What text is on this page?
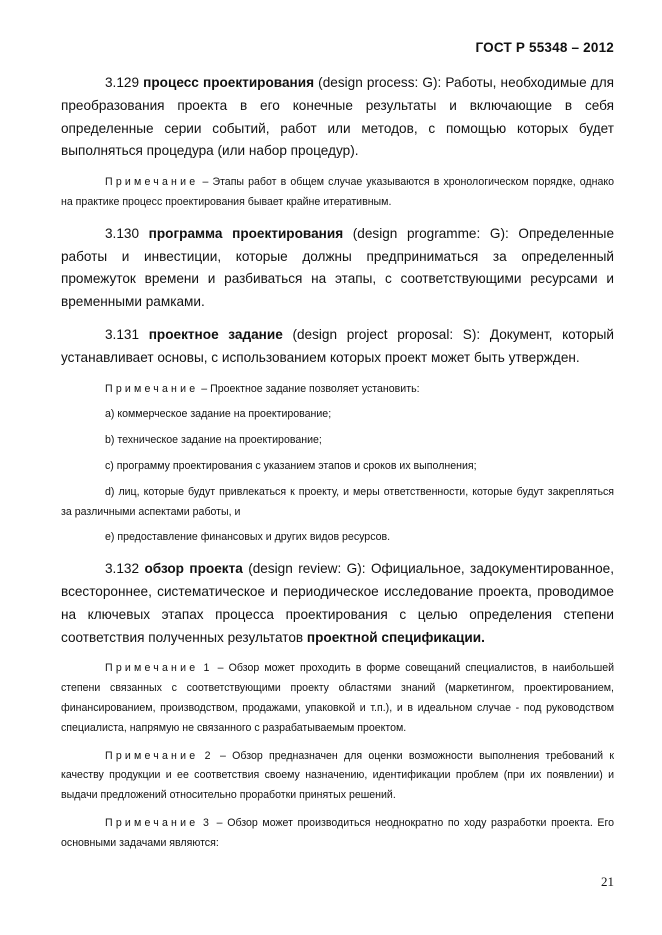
ГОСТ Р 55348 – 2012

3.129 процесс проектирования (design process: G): Работы, необходимые для преобразования проекта в его конечные результаты и включающие в себя определенные серии событий, работ или методов, с помощью которых будет выполняться процедура (или набор процедур).

Примечание – Этапы работ в общем случае указываются в хронологическом порядке, однако на практике процесс проектирования бывает крайне итеративным.

3.130 программа проектирования (design programme: G): Определенные работы и инвестиции, которые должны предприниматься за определенный промежуток времени и разбиваться на этапы, с соответствующими ресурсами и временными рамками.

3.131 проектное задание (design project proposal: S): Документ, который устанавливает основы, с использованием которых проект может быть утвержден.

Примечание – Проектное задание позволяет установить:

а) коммерческое задание на проектирование;

b) техническое задание на проектирование;

с) программу проектирования с указанием этапов и сроков их выполнения;

d) лиц, которые будут привлекаться к проекту, и меры ответственности, которые будут закрепляться за различными аспектами работы, и

е) предоставление финансовых и других видов ресурсов.

3.132 обзор проекта (design review: G): Официальное, задокументированное, всестороннее, систематическое и периодическое исследование проекта, проводимое на ключевых этапах процесса проектирования с целью определения степени соответствия полученных результатов проектной спецификации.

Примечание 1 – Обзор может проходить в форме совещаний специалистов, в наибольшей степени связанных с соответствующими проекту областями знаний (маркетингом, проектированием, финансированием, производством, продажами, упаковкой и т.п.), и в идеальном случае - под руководством специалиста, напрямую не связанного с разрабатываемым проектом.

Примечание 2 – Обзор предназначен для оценки возможности выполнения требований к качеству продукции и ее соответствия своему назначению, идентификации проблем (при их появлении) и выдачи предложений относительно проработки принятых решений.

Примечание 3 – Обзор может производиться неоднократно по ходу разработки проекта. Его основными задачами являются:

21
